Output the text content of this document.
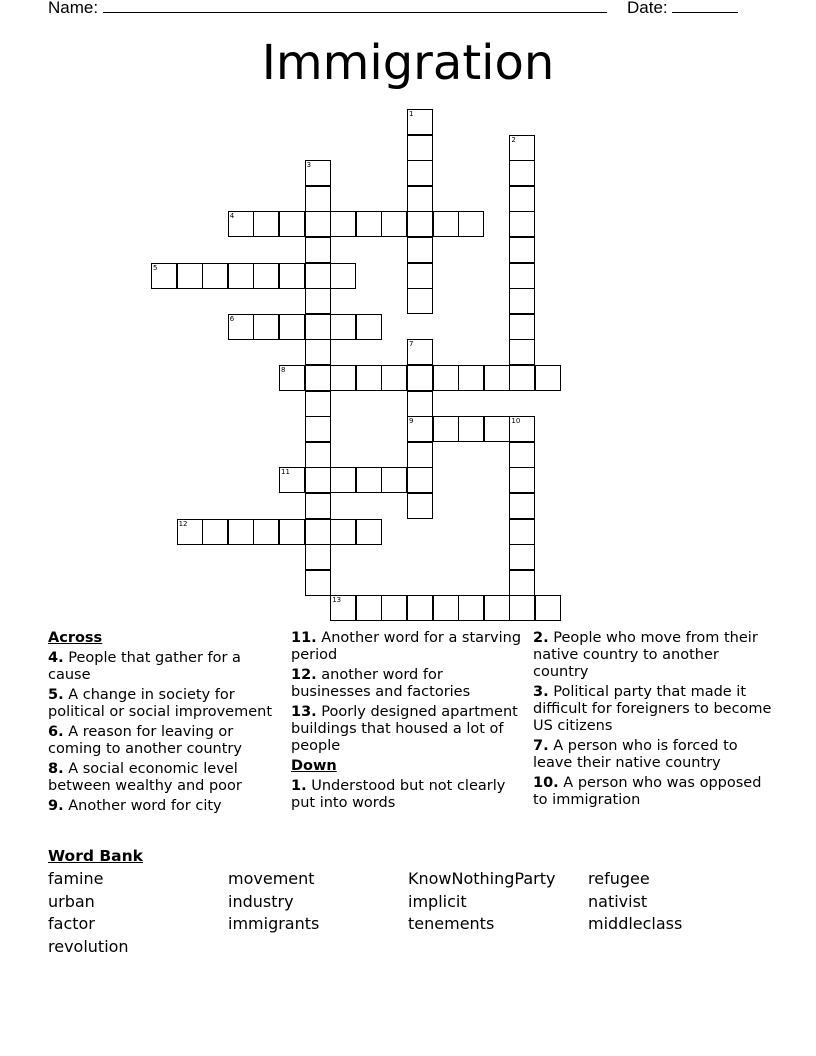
Name:	Date:
Immigration
1
2
3
4
5
6
7
8
9	10
11
12
13
Across
4. People that gather for a cause
5. A change in society for political or social improvement
6. A reason for leaving or coming to another country
8. A social economic level between wealthy and poor
9. Another word for city
11. Another word for a starving period
12. another word for businesses and factories
13. Poorly designed apartment buildings that housed a lot of people
Down
1. Understood but not clearly put into words
2. People who move from their native country to another country
3. Political party that made it difficult for foreigners to become US citizens
7. A person who is forced to leave their native country
10. A person who was opposed to immigration
Word Bank
famine	movement	KnowNothingParty	refugee
urban	industry	implicit	nativist
factor	immigrants	tenements	middleclass
revolution
